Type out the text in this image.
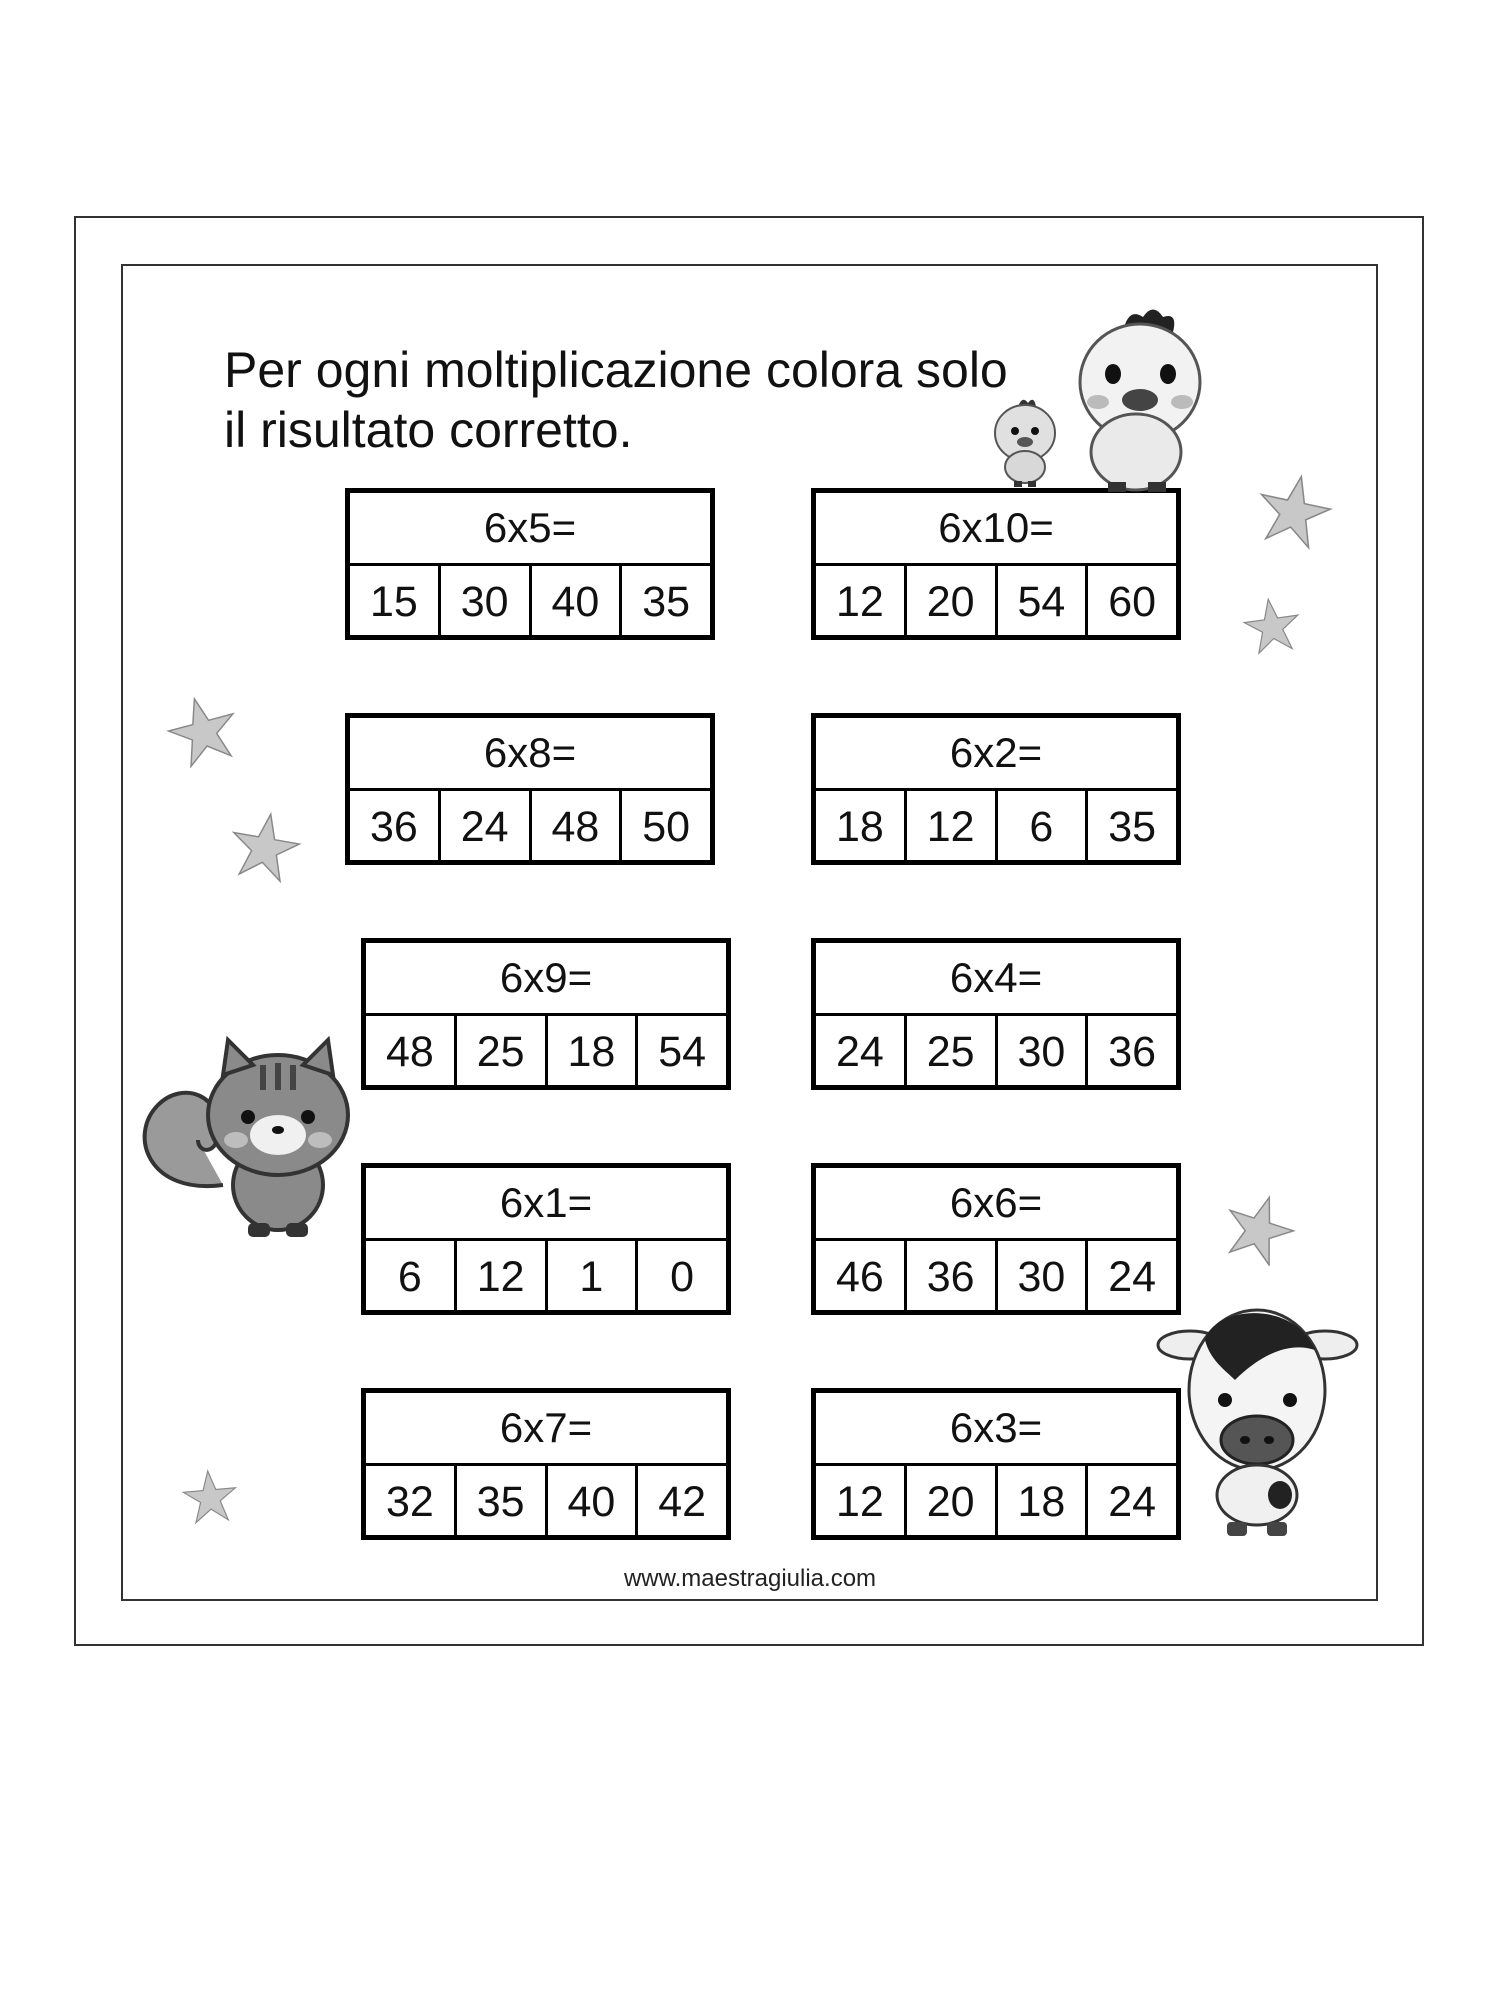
Per ogni moltiplicazione colora solo
il risultato corretto.
6x5=
15 30 40 35
6x10=
12 20 54 60
6x8=
36 24 48 50
6x2=
18 12	6	35
6x9=
48 25 18 54
6x4=
24 25 30 36
6x1=
6	12	1	0
6x6=
46 36 30 24
6x7=
32 35 40 42
6x3=
12 20 18 24
www.maestragiulia.com
